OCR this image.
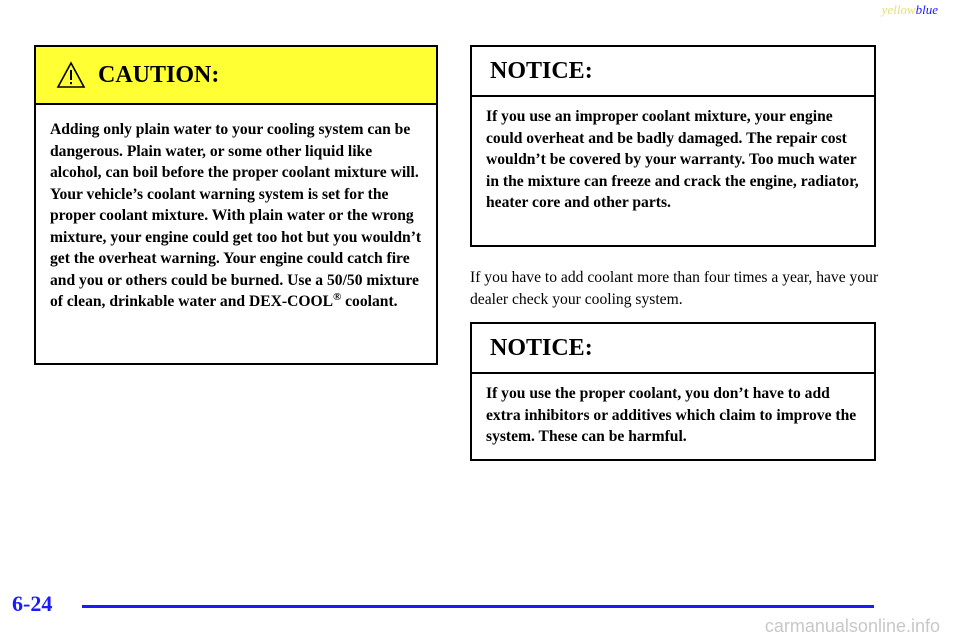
yellowblue
CAUTION:
Adding only plain water to your cooling system can be dangerous. Plain water, or some other liquid like alcohol, can boil before the proper coolant mixture will. Your vehicle’s coolant warning system is set for the proper coolant mixture. With plain water or the wrong mixture, your engine could get too hot but you wouldn’t get the overheat warning. Your engine could catch fire and you or others could be burned. Use a 50/50 mixture of clean, drinkable water and DEX-COOL® coolant.
NOTICE:
If you use an improper coolant mixture, your engine could overheat and be badly damaged. The repair cost wouldn’t be covered by your warranty. Too much water in the mixture can freeze and crack the engine, radiator, heater core and other parts.
If you have to add coolant more than four times a year, have your dealer check your cooling system.
NOTICE:
If you use the proper coolant, you don’t have to add extra inhibitors or additives which claim to improve the system. These can be harmful.
6-24
carmanualsonline.info
